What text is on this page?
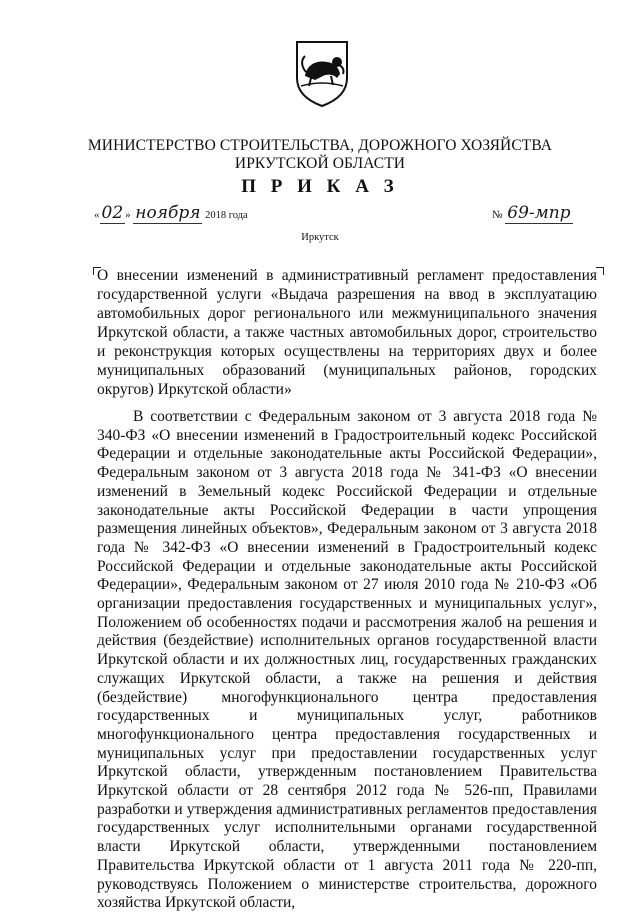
МИНИСТЕРСТВО СТРОИТЕЛЬСТВА, ДОРОЖНОГО ХОЗЯЙСТВА
ИРКУТСКОЙ ОБЛАСТИ
П Р И К А З
« 02 » ноября 2018 года	№ 69-мпр
Иркутск
О внесении изменений в административный регламент предоставления государственной услуги «Выдача разрешения на ввод в эксплуатацию автомобильных дорог регионального или межмуниципального значения Иркутской области, а также частных автомобильных дорог, строительство и реконструкция которых осуществлены на территориях двух и более муниципальных образований (муниципальных районов, городских округов) Иркутской области»
В соответствии с Федеральным законом от 3 августа 2018 года № 340-ФЗ «О внесении изменений в Градостроительный кодекс Российской Федерации и отдельные законодательные акты Российской Федерации», Федеральным законом от 3 августа 2018 года № 341-ФЗ «О внесении изменений в Земельный кодекс Российской Федерации и отдельные законодательные акты Российской Федерации в части упрощения размещения линейных объектов», Федеральным законом от 3 августа 2018 года № 342-ФЗ «О внесении изменений в Градостроительный кодекс Российской Федерации и отдельные законодательные акты Российской Федерации», Федеральным законом от 27 июля 2010 года № 210-ФЗ «Об организации предоставления государственных и муниципальных услуг», Положением об особенностях подачи и рассмотрения жалоб на решения и действия (бездействие) исполнительных органов государственной власти Иркутской области и их должностных лиц, государственных гражданских служащих Иркутской области, а также на решения и действия (бездействие) многофункционального центра предоставления государственных и муниципальных услуг, работников многофункционального центра предоставления государственных и муниципальных услуг при предоставлении государственных услуг Иркутской области, утвержденным постановлением Правительства Иркутской области от 28 сентября 2012 года № 526-пп, Правилами разработки и утверждения административных регламентов предоставления государственных услуг исполнительными органами государственной власти Иркутской области, утвержденными постановлением Правительства Иркутской области от 1 августа 2011 года № 220-пп, руководствуясь Положением о министерстве строительства, дорожного хозяйства Иркутской области,
